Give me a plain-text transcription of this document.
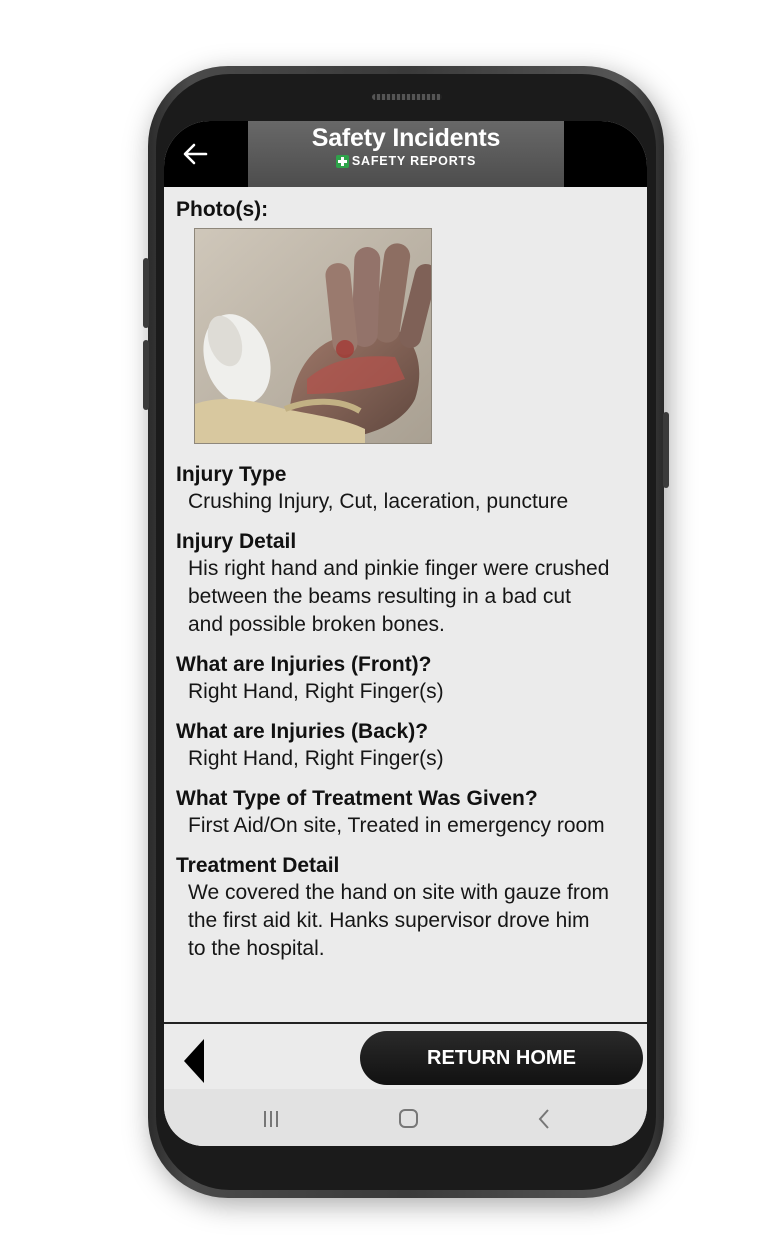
Safety Incidents
SAFETY REPORTS
Photo(s):
Injury Type
Crushing Injury, Cut, laceration, puncture
Injury Detail
His right hand and pinkie finger were crushed
between the beams resulting in a bad cut
and possible broken bones.
What are Injuries (Front)?
Right Hand, Right Finger(s)
What are Injuries (Back)?
Right Hand, Right Finger(s)
What Type of Treatment Was Given?
First Aid/On site, Treated in emergency room
Treatment Detail
We covered the hand on site with gauze from
the first aid kit. Hanks supervisor drove him
to the hospital.
RETURN HOME
